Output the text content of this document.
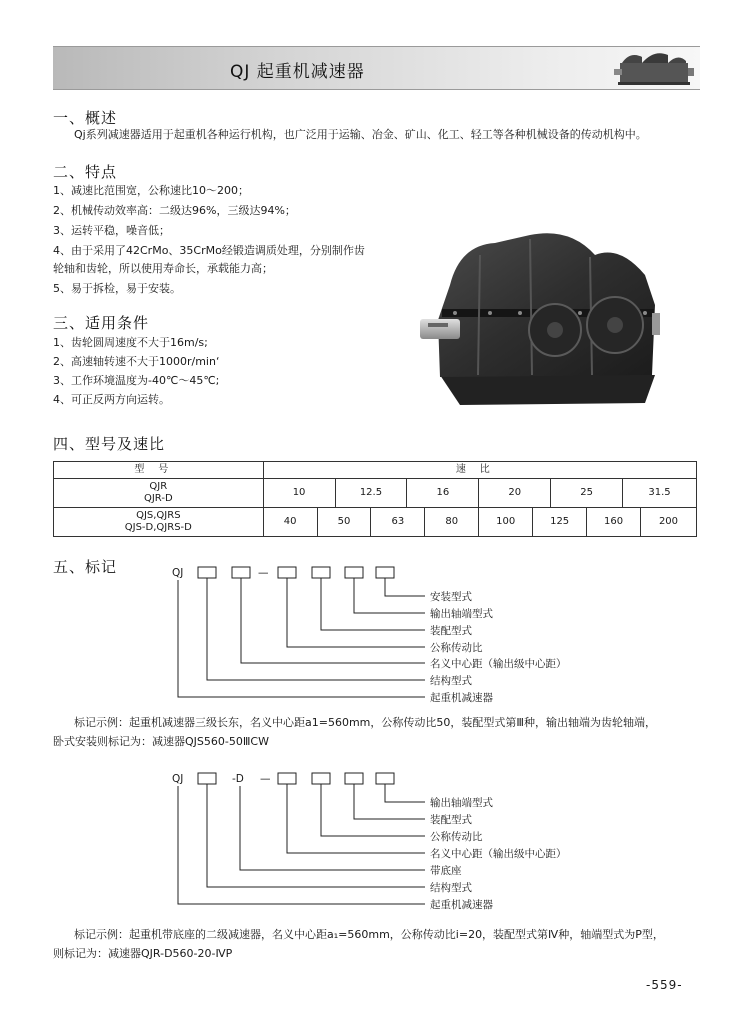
QJ 起重机减速器
一、概述
Qj系列减速器适用于起重机各种运行机构，也广泛用于运输、冶金、矿山、化工、轻工等各种机械设备的传动机构中。
二、特点
1、减速比范围宽，公称速比10～200；
2、机械传动效率高：二级达96%，三级达94%；
3、运转平稳，噪音低；
4、由于采用了42CrMo、35CrMo经锻造调质处理，分别制作齿
轮轴和齿轮，所以使用寿命长，承载能力高；
5、易于拆检，易于安装。
三、适用条件
1、齿轮圆周速度不大于16m/s;
2、高速轴转速不大于1000r/min‘
3、工作环境温度为-40℃～45℃;
4、可正反两方向运转。
四、型号及速比
型号	速比											

QJR
QJR-D	10		12.5		16		20		25		31.5	

QJS,QJRS
QJS-D,QJRS-D	40	50		63		80	100	125		160		200
五、标记	QJ	—
安装型式
输出轴端型式
装配型式
公称传动比
名义中心距（输出级中心距）
结构型式
起重机减速器
标记示例：起重机减速器三级长东，名义中心距a1=560mm，公称传动比50，装配型式第Ⅲ种，输出轴端为齿轮轴端，
卧式安装则标记为：减速器QJS560-50ⅢCW
QJ	-D —
输出轴端型式
装配型式
公称传动比
名义中心距（输出级中心距）
带底座
结构型式
起重机减速器
标记示例：起重机带底座的二级减速器，名义中心距a₁=560mm，公称传动比i=20，装配型式第Ⅳ种，轴端型式为P型，
则标记为：减速器QJR-D560-20-ⅣP
-559-
